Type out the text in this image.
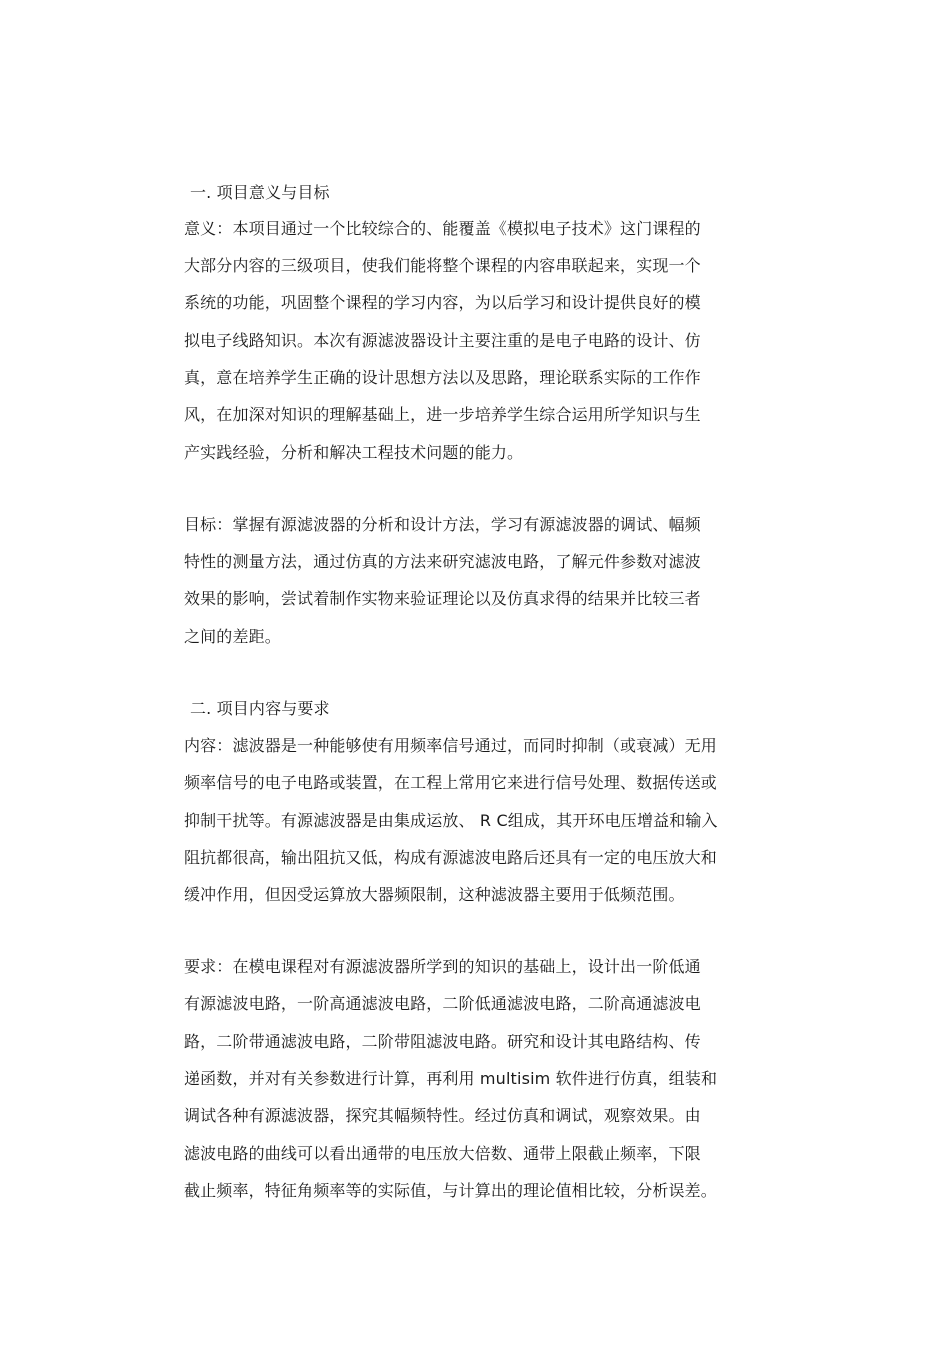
一. 项目意义与目标
意义：本项目通过一个比较综合的、能覆盖《模拟电子技术》这门课程的
大部分内容的三级项目，使我们能将整个课程的内容串联起来，实现一个
系统的功能，巩固整个课程的学习内容，为以后学习和设计提供良好的模
拟电子线路知识。本次有源滤波器设计主要注重的是电子电路的设计、仿
真，意在培养学生正确的设计思想方法以及思路，理论联系实际的工作作
风，在加深对知识的理解基础上，进一步培养学生综合运用所学知识与生
产实践经验，分析和解决工程技术问题的能力。
目标：掌握有源滤波器的分析和设计方法，学习有源滤波器的调试、幅频
特性的测量方法，通过仿真的方法来研究滤波电路，了解元件参数对滤波
效果的影响，尝试着制作实物来验证理论以及仿真求得的结果并比较三者
之间的差距。
二. 项目内容与要求
内容：滤波器是一种能够使有用频率信号通过，而同时抑制（或衰减）无用
频率信号的电子电路或装置，在工程上常用它来进行信号处理、数据传送或
抑制干扰等。有源滤波器是由集成运放、 R C组成，其开环电压增益和输入
阻抗都很高，输出阻抗又低，构成有源滤波电路后还具有一定的电压放大和
缓冲作用，但因受运算放大器频限制，这种滤波器主要用于低频范围。
要求：在模电课程对有源滤波器所学到的知识的基础上，设计出一阶低通
有源滤波电路，一阶高通滤波电路，二阶低通滤波电路，二阶高通滤波电
路，二阶带通滤波电路，二阶带阻滤波电路。研究和设计其电路结构、传
递函数，并对有关参数进行计算，再利用 multisim 软件进行仿真，组装和
调试各种有源滤波器，探究其幅频特性。经过仿真和调试，观察效果。由
滤波电路的曲线可以看出通带的电压放大倍数、通带上限截止频率，下限
截止频率，特征角频率等的实际值，与计算出的理论值相比较，分析误差。
